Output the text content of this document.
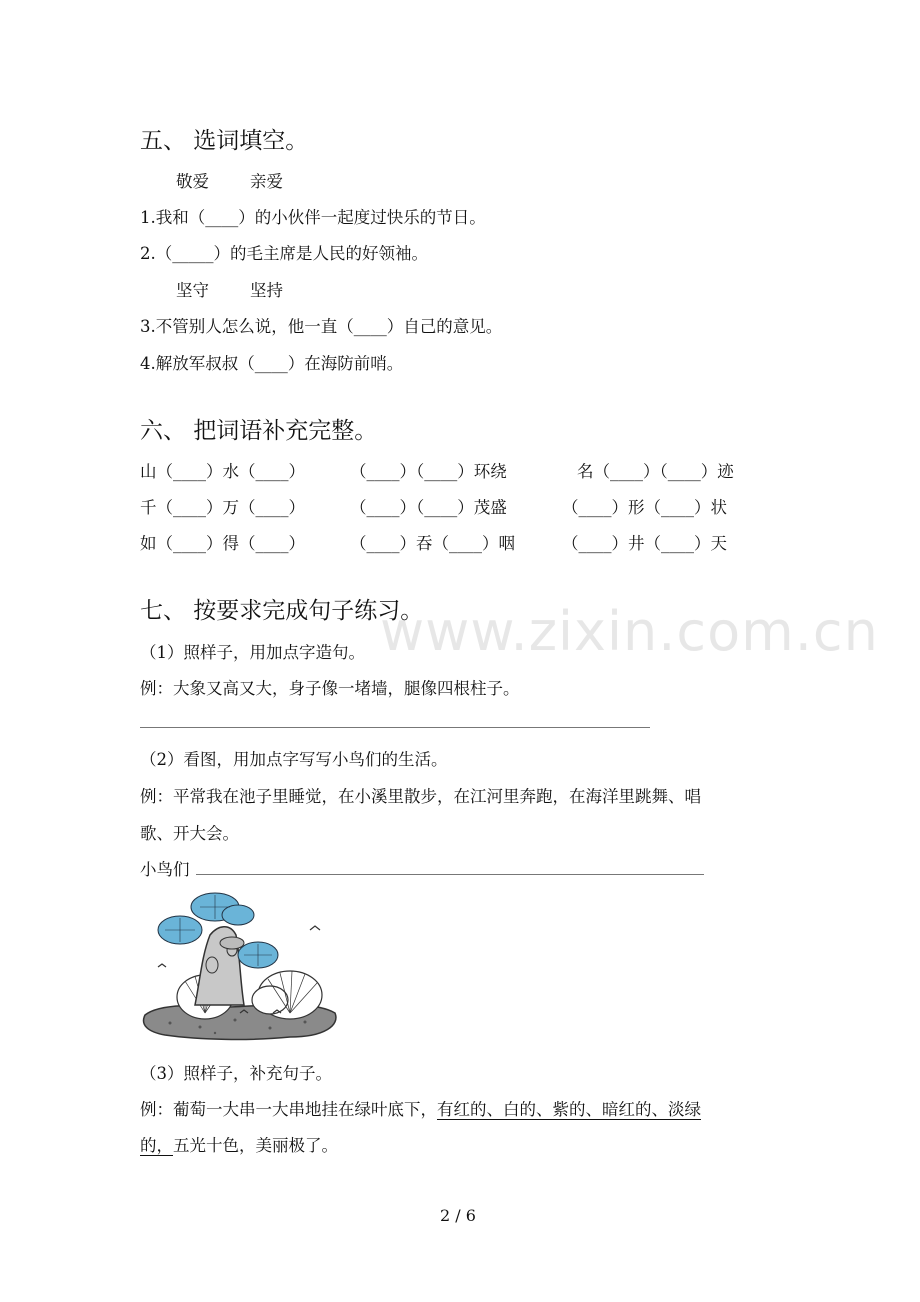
www.zixin.com.cn
五、 选词填空。
敬爱 亲爱
1.我和（____）的小伙伴一起度过快乐的节日。
2.（_____）的毛主席是人民的好领袖。
坚守 坚持
3.不管别人怎么说，他一直（____）自己的意见。
4.解放军叔叔（____）在海防前哨。
六、 把词语补充完整。
山（____）水（____）	（____）（____）环绕	名（____）（____）迹
千（____）万（____）	（____）（____）茂盛	（____）形（____）状
如（____）得（____）	（____）吞（____）咽	（____）井（____）天
七、 按要求完成句子练习。
（1）照样子，用加点字造句。
例：大象又高又大，身子像一堵墙，腿像四根柱子。
（2）看图，用加点字写写小鸟们的生活。
例：平常我在池子里睡觉，在小溪里散步，在江河里奔跑，在海洋里跳舞、唱
歌、开大会。
小鸟们
（3）照样子，补充句子。
例：葡萄一大串一大串地挂在绿叶底下，有红的、白的、紫的、暗红的、淡绿
的，五光十色，美丽极了。
2 / 6
